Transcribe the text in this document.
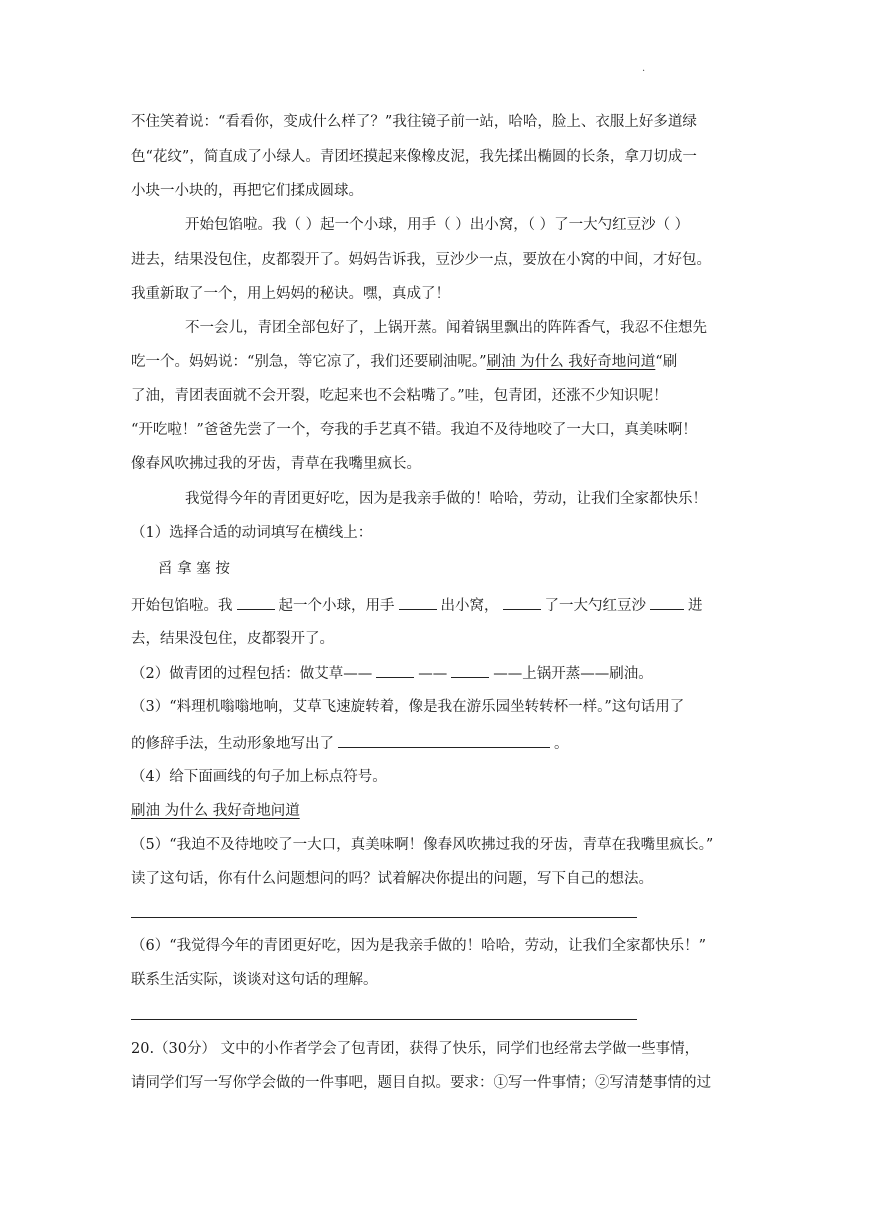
·
不住笑着说：“看看你，变成什么样了？”我往镜子前一站，哈哈，脸上、衣服上好多道绿
色“花纹”，简直成了小绿人。青团坯摸起来像橡皮泥，我先揉出椭圆的长条，拿刀切成一
小块一小块的，再把它们揉成圆球。
开始包馅啦。我（ ）起一个小球，用手（ ）出小窝，（ ）了一大勺红豆沙（ ）
进去，结果没包住，皮都裂开了。妈妈告诉我，豆沙少一点，要放在小窝的中间，才好包。
我重新取了一个，用上妈妈的秘诀。嘿，真成了！
不一会儿，青团全部包好了，上锅开蒸。闻着锅里飘出的阵阵香气，我忍不住想先
吃一个。妈妈说：“别急，等它凉了，我们还要刷油呢。”刷油 为什么 我好奇地问道“刷
了油，青团表面就不会开裂，吃起来也不会粘嘴了。”哇，包青团，还涨不少知识呢！
“开吃啦！”爸爸先尝了一个，夸我的手艺真不错。我迫不及待地咬了一大口，真美味啊！
像春风吹拂过我的牙齿，青草在我嘴里疯长。
我觉得今年的青团更好吃，因为是我亲手做的！哈哈，劳动，让我们全家都快乐！
（1）选择合适的动词填写在横线上：
舀 拿 塞 按
开始包馅啦。我	起一个小球，用手	出小窝，	了一大勺红豆沙	进
去，结果没包住，皮都裂开了。
（2）做青团的过程包括：做艾草——	——	——上锅开蒸——刷油。
（3）“料理机嗡嗡地响，艾草飞速旋转着，像是我在游乐园坐转转杯一样。”这句话用了
的修辞手法，生动形象地写出了	。
（4）给下面画线的句子加上标点符号。
刷油 为什么 我好奇地问道
（5）“我迫不及待地咬了一大口，真美味啊！像春风吹拂过我的牙齿，青草在我嘴里疯长。”
读了这句话，你有什么问题想问的吗？试着解决你提出的问题，写下自己的想法。
（6）“我觉得今年的青团更好吃，因为是我亲手做的！哈哈，劳动，让我们全家都快乐！”
联系生活实际，谈谈对这句话的理解。
20.（30分） 文中的小作者学会了包青团，获得了快乐，同学们也经常去学做一些事情，
请同学们写一写你学会做的一件事吧，题目自拟。要求：①写一件事情；②写清楚事情的过
